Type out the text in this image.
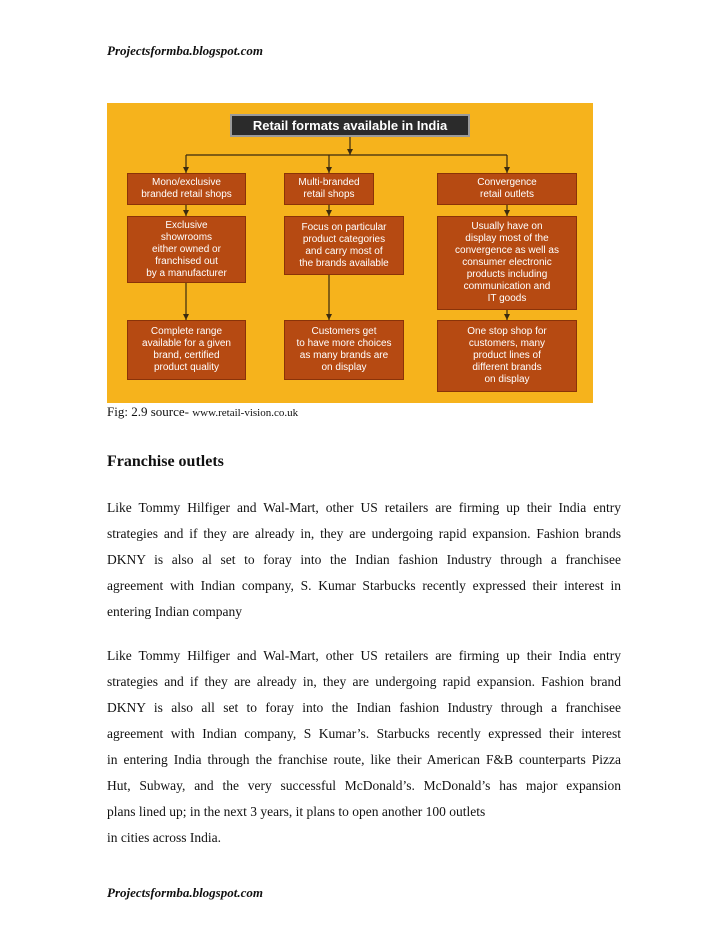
Projectsformba.blogspot.com
Retail formats available in India
Mono/exclusive
branded retail shops
Multi-branded
retail shops
Convergence
retail outlets
Exclusive
showrooms
either owned or
franchised out
by a manufacturer
Focus on particular
product categories
and carry most of
the brands available
Usually have on
display most of the
convergence as well as
consumer electronic
products including
communication and
IT goods
Complete range
available for a given
brand, certified
product quality
Customers get
to have more choices
as many brands are
on display
One stop shop for
customers, many
product lines of
different brands
on display
Fig: 2.9 source- www.retail-vision.co.uk
Franchise outlets
Like Tommy Hilfiger and Wal-Mart, other US retailers are firming up their India entry
strategies and if they are already in, they are undergoing rapid expansion. Fashion brands
DKNY is also al set to foray into the Indian fashion Industry through a franchisee
agreement with Indian company, S. Kumar Starbucks recently expressed their interest in
entering Indian company
Like Tommy Hilfiger and Wal-Mart, other US retailers are firming up their India entry
strategies and if they are already in, they are undergoing rapid expansion. Fashion brand
DKNY is also all set to foray into the Indian fashion Industry through a franchisee
agreement with Indian company, S Kumar’s. Starbucks recently expressed their interest
in entering India through the franchise route, like their American F&B counterparts Pizza
Hut, Subway, and the very successful McDonald’s. McDonald’s has major expansion
plans lined up; in the next 3 years, it plans to open another 100 outlets
in cities across India.
Projectsformba.blogspot.com
